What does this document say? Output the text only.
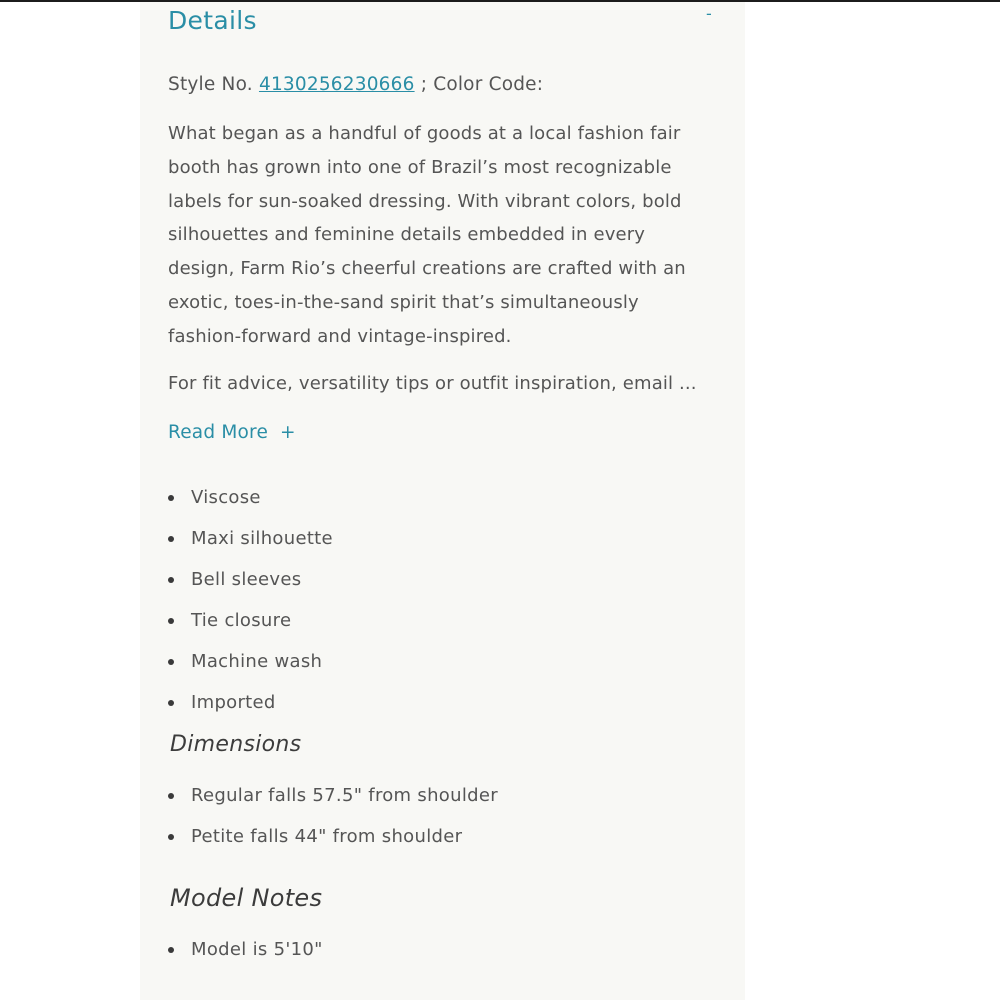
Details	-
Style No. 4130256230666 ; Color Code:

What began as a handful of goods at a local fashion fair
booth has grown into one of Brazil’s most recognizable
labels for sun-soaked dressing. With vibrant colors, bold
silhouettes and feminine details embedded in every
design, Farm Rio’s cheerful creations are crafted with an
exotic, toes-in-the-sand spirit that’s simultaneously
fashion-forward and vintage-inspired.

For fit advice, versatility tips or outfit inspiration, email ...

Read More +
Viscose
Maxi silhouette
Bell sleeves
Tie closure
Machine wash
Imported
Dimensions
Regular falls 57.5" from shoulder
Petite falls 44" from shoulder
Model Notes
Model is 5'10"
